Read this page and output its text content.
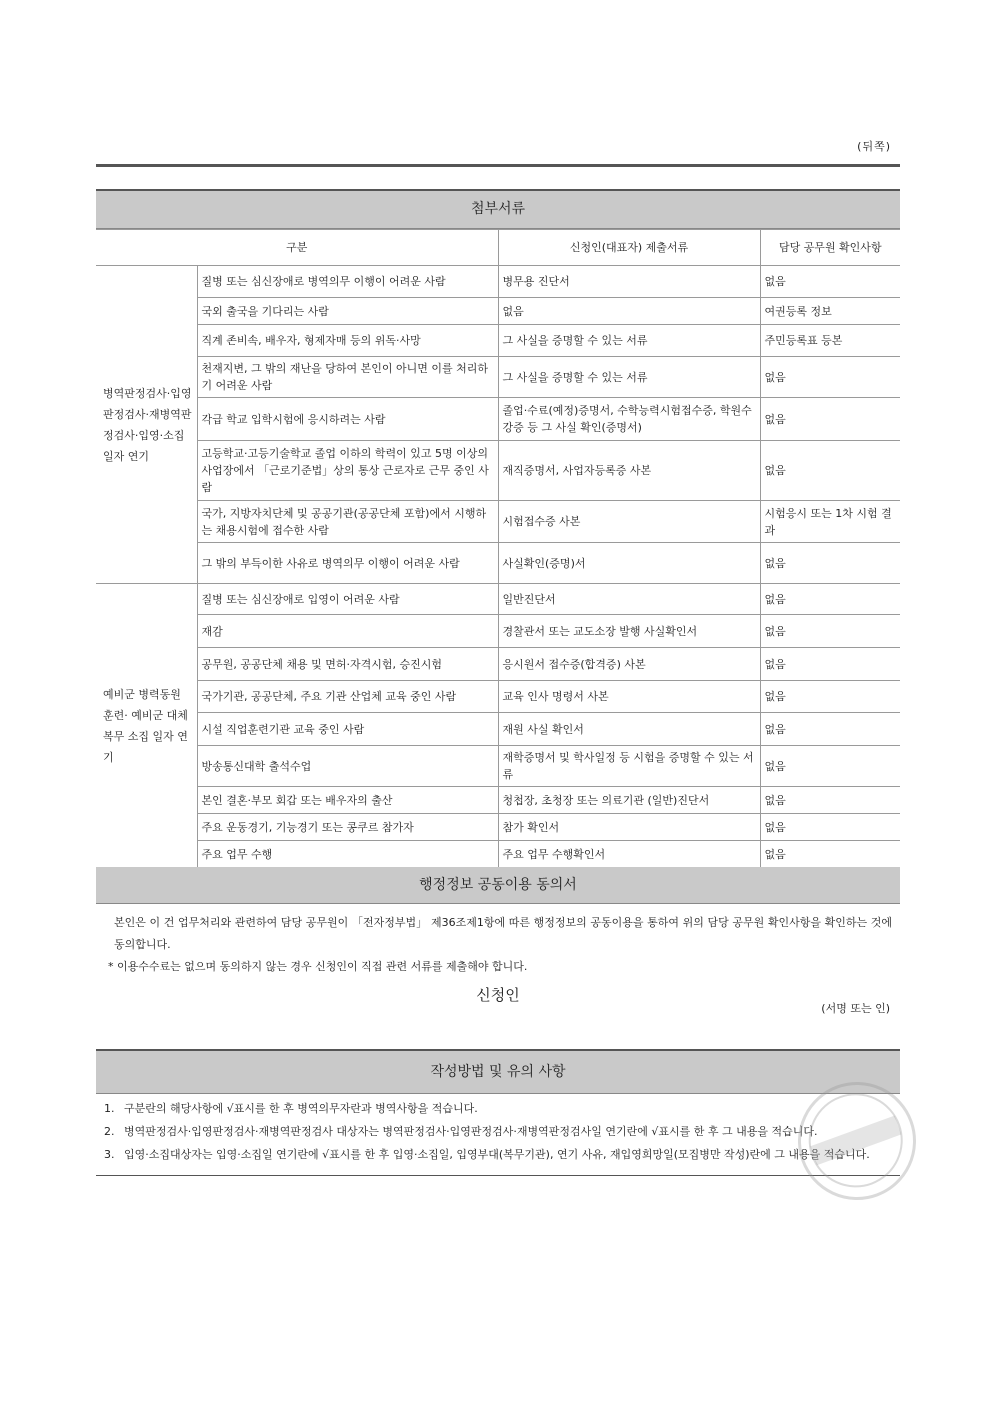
(뒤쪽)
첨부서류
구분		신청인(대표자) 제출서류	담당 공무원 확인사항
병역판정검사·입영판정검사·재병역판정검사·입영·소집일자 연기	질병 또는 심신장애로 병역의무 이행이 어려운 사람	병무용 진단서	없음
	국외 출국을 기다리는 사람	없음	여권등록 정보
	직계 존비속, 배우자, 형제자매 등의 위독·사망	그 사실을 증명할 수 있는 서류	주민등록표 등본
	천재지변, 그 밖의 재난을 당하여 본인이 아니면 이를 처리하기 어려운 사람	그 사실을 증명할 수 있는 서류	없음
	각급 학교 입학시험에 응시하려는 사람	졸업·수료(예정)증명서, 수학능력시험접수증, 학원수강증 등 그 사실 확인(증명서)	없음
	고등학교·고등기술학교 졸업 이하의 학력이 있고 5명 이상의 사업장에서 「근로기준법」상의 통상 근로자로 근무 중인 사람	재직증명서, 사업자등록증 사본	없음
	국가, 지방자치단체 및 공공기관(공공단체 포함)에서 시행하는 채용시험에 접수한 사람	시험접수증 사본	시험응시 또는 1차 시험 결과
	그 밖의 부득이한 사유로 병역의무 이행이 어려운 사람	사실확인(증명)서	없음
예비군 병력동원 훈련· 예비군 대체복무 소집 일자 연기	질병 또는 심신장애로 입영이 어려운 사람	일반진단서	없음
	재감	경찰관서 또는 교도소장 발행 사실확인서	없음
	공무원, 공공단체 채용 및 면허·자격시험, 승진시험	응시원서 접수증(합격증) 사본	없음
	국가기관, 공공단체, 주요 기관 산업체 교육 중인 사람	교육 인사 명령서 사본	없음
	시설 직업훈련기관 교육 중인 사람	재원 사실 확인서	없음
	방송통신대학 출석수업	재학증명서 및 학사일정 등 시험을 증명할 수 있는 서류	없음
	본인 결혼·부모 회갑 또는 배우자의 출산	청첩장, 초청장 또는 의료기관 (일반)진단서	없음
	주요 운동경기, 기능경기 또는 콩쿠르 참가자	참가 확인서	없음
	주요 업무 수행	주요 업무 수행확인서	없음
행정정보 공동이용 동의서
본인은 이 건 업무처리와 관련하여 담당 공무원이 「전자정부법」 제36조제1항에 따른 행정정보의 공동이용을 통하여 위의 담당 공무원 확인사항을 확인하는 것에 동의합니다.
* 이용수수료는 없으며 동의하지 않는 경우 신청인이 직접 관련 서류를 제출해야 합니다.
신청인
(서명 또는 인)
작성방법 및 유의 사항
1. 구분란의 해당사항에 √표시를 한 후 병역의무자란과 병역사항을 적습니다.
2. 병역판정검사·입영판정검사·재병역판정검사 대상자는 병역판정검사·입영판정검사·재병역판정검사일 연기란에 √표시를 한 후 그 내용을 적습니다.
3. 입영·소집대상자는 입영·소집일 연기란에 √표시를 한 후 입영·소집일, 입영부대(복무기관), 연기 사유, 재입영희망일(모집병만 작성)란에 그 내용을 적습니다.
